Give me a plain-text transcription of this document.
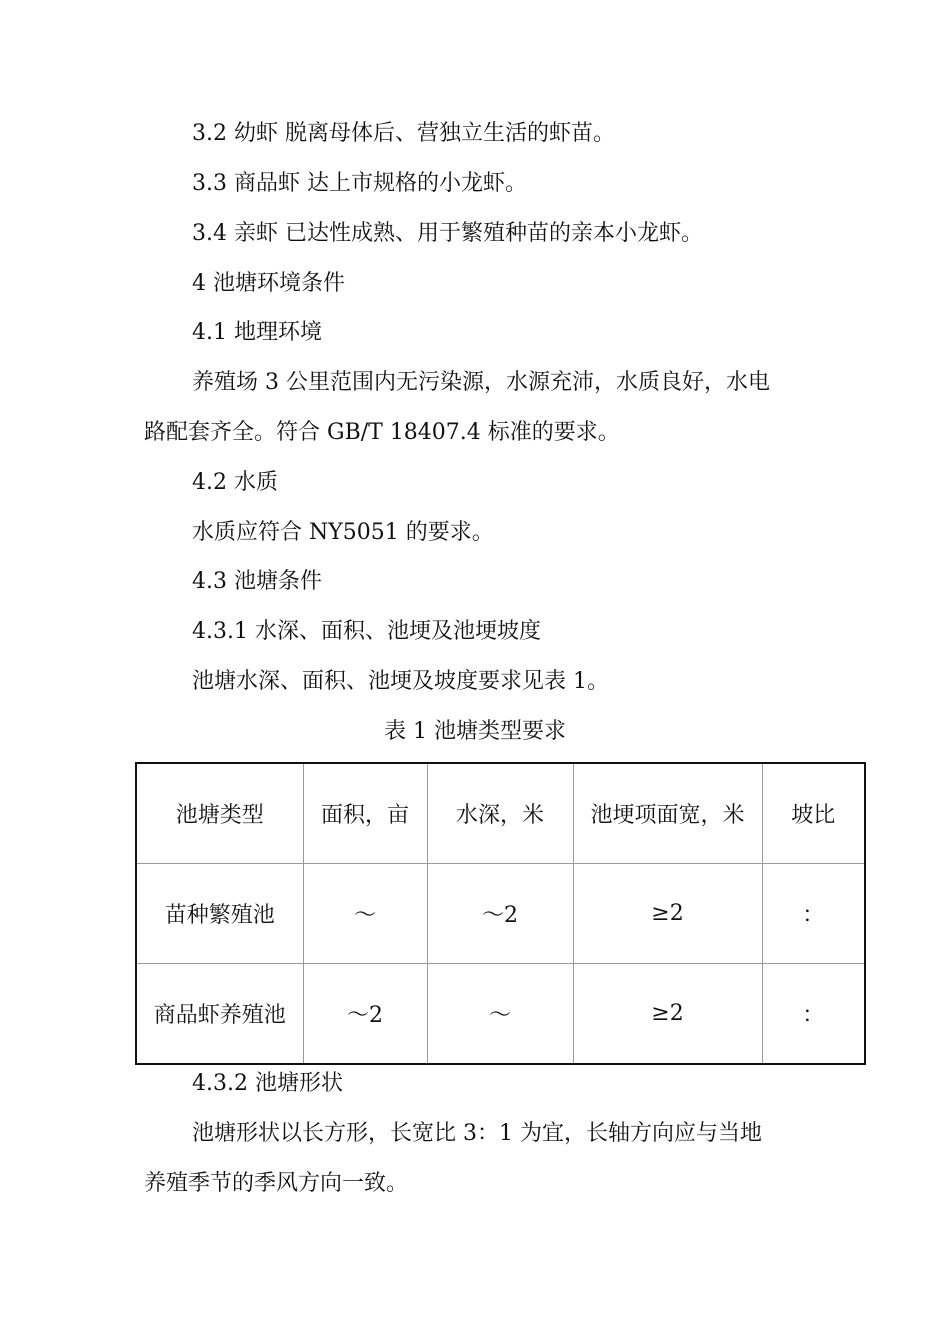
3.2 幼虾 脱离母体后、营独立生活的虾苗。
3.3 商品虾 达上市规格的小龙虾。
3.4 亲虾 已达性成熟、用于繁殖种苗的亲本小龙虾。
4 池塘环境条件
4.1 地理环境
养殖场 3 公里范围内无污染源，水源充沛，水质良好，水电
路配套齐全。符合 GB/T 18407.4 标准的要求。
4.2 水质
水质应符合 NY5051 的要求。
4.3 池塘条件
4.3.1 水深、面积、池埂及池埂坡度
池塘水深、面积、池埂及坡度要求见表 1。
表 1 池塘类型要求
池塘类型	面积，亩	水深，米	池埂项面宽，米	坡比
苗种繁殖池	～	～2	≥2	：
商品虾养殖池	～2	～	≥2	：
4.3.2 池塘形状
池塘形状以长方形，长宽比 3：1 为宜，长轴方向应与当地
养殖季节的季风方向一致。
